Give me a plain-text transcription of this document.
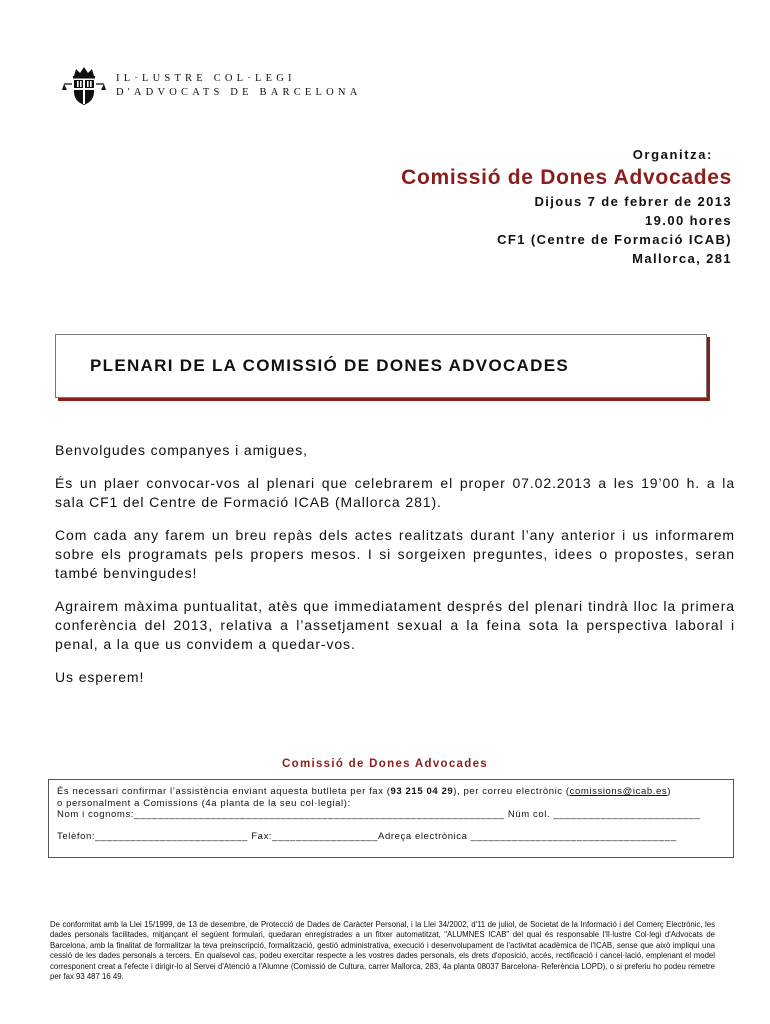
IL·LUSTRE COL·LEGI
D'ADVOCATS DE BARCELONA
Organitza:
Comissió de Dones Advocades
Dijous 7 de febrer de 2013
19.00 hores
CF1 (Centre de Formació ICAB)
Mallorca, 281
PLENARI DE LA COMISSIÓ DE DONES ADVOCADES

Benvolgudes companyes i amigues,

És un plaer convocar-vos al plenari que celebrarem el proper 07.02.2013 a les 19’00 h. a la sala CF1 del Centre de Formació ICAB (Mallorca 281).

Com cada any farem un breu repàs dels actes realitzats durant l’any anterior i us informarem sobre els programats pels propers mesos. I si sorgeixen preguntes, idees o propostes, seran també benvingudes!

Agrairem màxima puntualitat, atès que immediatament després del plenari tindrà lloc la primera conferència del 2013, relativa a l’assetjament sexual a la feina sota la perspectiva laboral i penal, a la que us convidem a quedar-vos.

Us esperem!

Comissió de Dones Advocades
És necessari confirmar l’assistència enviant aquesta butlleta per fax (93 215 04 29), per correu electrònic (comissions@icab.es)
o personalment a Comissions (4a planta de la seu col·legial):
Nom i cognoms:_______________________________________________________________ Núm col. _________________________
Telèfon:__________________________ Fax:__________________Adreça electrònica ___________________________________
De conformitat amb la Llei 15/1999, de 13 de desembre, de Protecció de Dades de Caràcter Personal, i la Llei 34/2002, d'11 de juliol, de Societat de la Informació i del Comerç Electrònic, les dades personals facilitades, mitjançant el següent formulari, quedaran enregistrades a un fitxer automatitzat, "ALUMNES ICAB" del qual és responsable l'Il·lustre Col·legi d'Advocats de Barcelona, amb la finalitat de formalitzar la teva preinscripció, formalització, gestió administrativa, execució i desenvolupament de l'activitat acadèmica de l'ICAB, sense que això impliqui una cessió de les dades personals a tercers. En qualsevol cas, podeu exercitar respecte a les vostres dades personals, els drets d'oposició, accés, rectificació i cancel·lació, emplenant el model corresponent creat a l'efecte i dirigir-lo al Servei d'Atenció a l'Alumne (Comissió de Cultura, carrer Mallorca, 283, 4a planta 08037 Barcelona- Referència LOPD), o si preferiu ho podeu remetre per fax 93 487 16 49.
